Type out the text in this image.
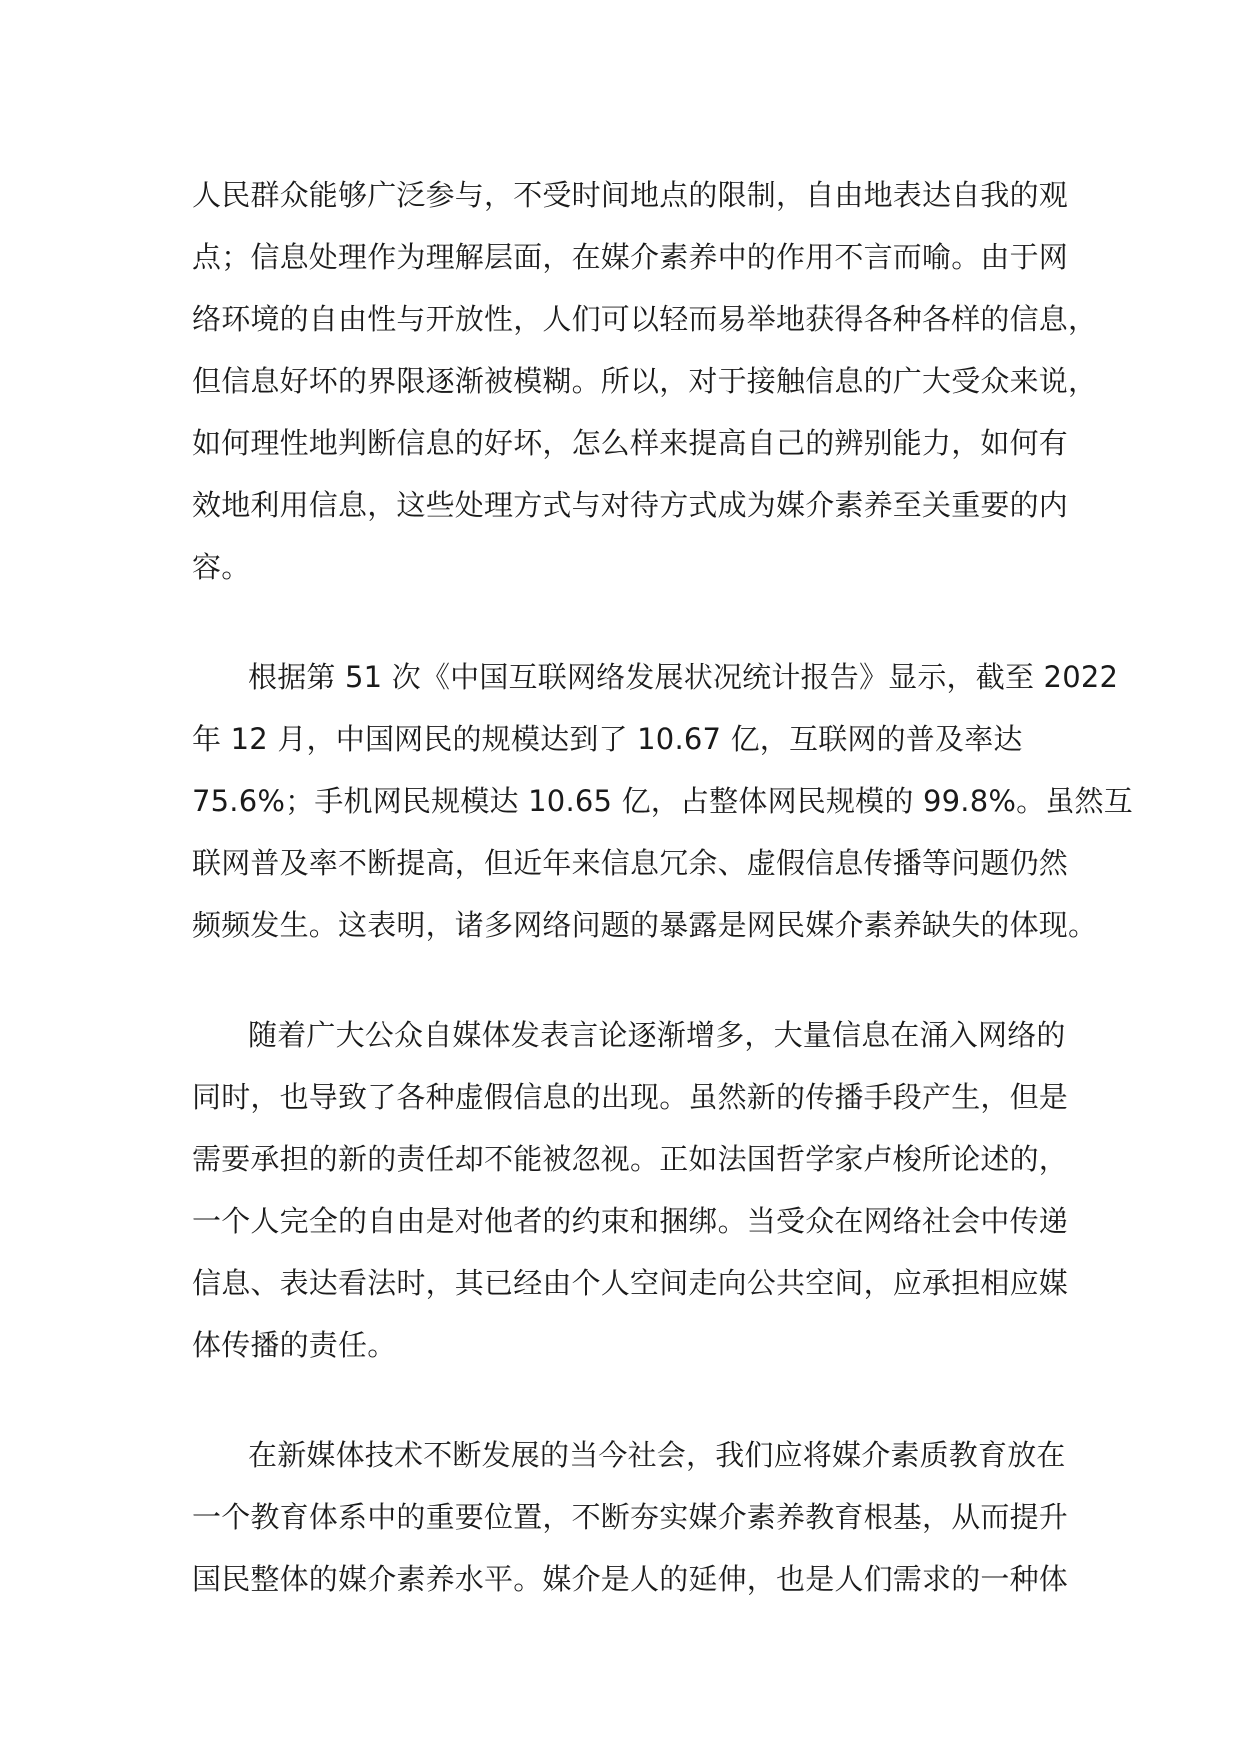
人民群众能够广泛参与，不受时间地点的限制，自由地表达自我的观
点；信息处理作为理解层面，在媒介素养中的作用不言而喻。由于网
络环境的自由性与开放性，人们可以轻而易举地获得各种各样的信息，
但信息好坏的界限逐渐被模糊。所以，对于接触信息的广大受众来说，
如何理性地判断信息的好坏，怎么样来提高自己的辨别能力，如何有
效地利用信息，这些处理方式与对待方式成为媒介素养至关重要的内
容。
根据第 51 次《中国互联网络发展状况统计报告》显示，截至 2022
年 12 月，中国网民的规模达到了 10.67 亿，互联网的普及率达
75.6%；手机网民规模达 10.65 亿，占整体网民规模的 99.8%。虽然互
联网普及率不断提高，但近年来信息冗余、虚假信息传播等问题仍然
频频发生。这表明，诸多网络问题的暴露是网民媒介素养缺失的体现。
随着广大公众自媒体发表言论逐渐增多，大量信息在涌入网络的
同时，也导致了各种虚假信息的出现。虽然新的传播手段产生，但是
需要承担的新的责任却不能被忽视。正如法国哲学家卢梭所论述的，
一个人完全的自由是对他者的约束和捆绑。当受众在网络社会中传递
信息、表达看法时，其已经由个人空间走向公共空间，应承担相应媒
体传播的责任。
在新媒体技术不断发展的当今社会，我们应将媒介素质教育放在
一个教育体系中的重要位置，不断夯实媒介素养教育根基，从而提升
国民整体的媒介素养水平。媒介是人的延伸，也是人们需求的一种体
